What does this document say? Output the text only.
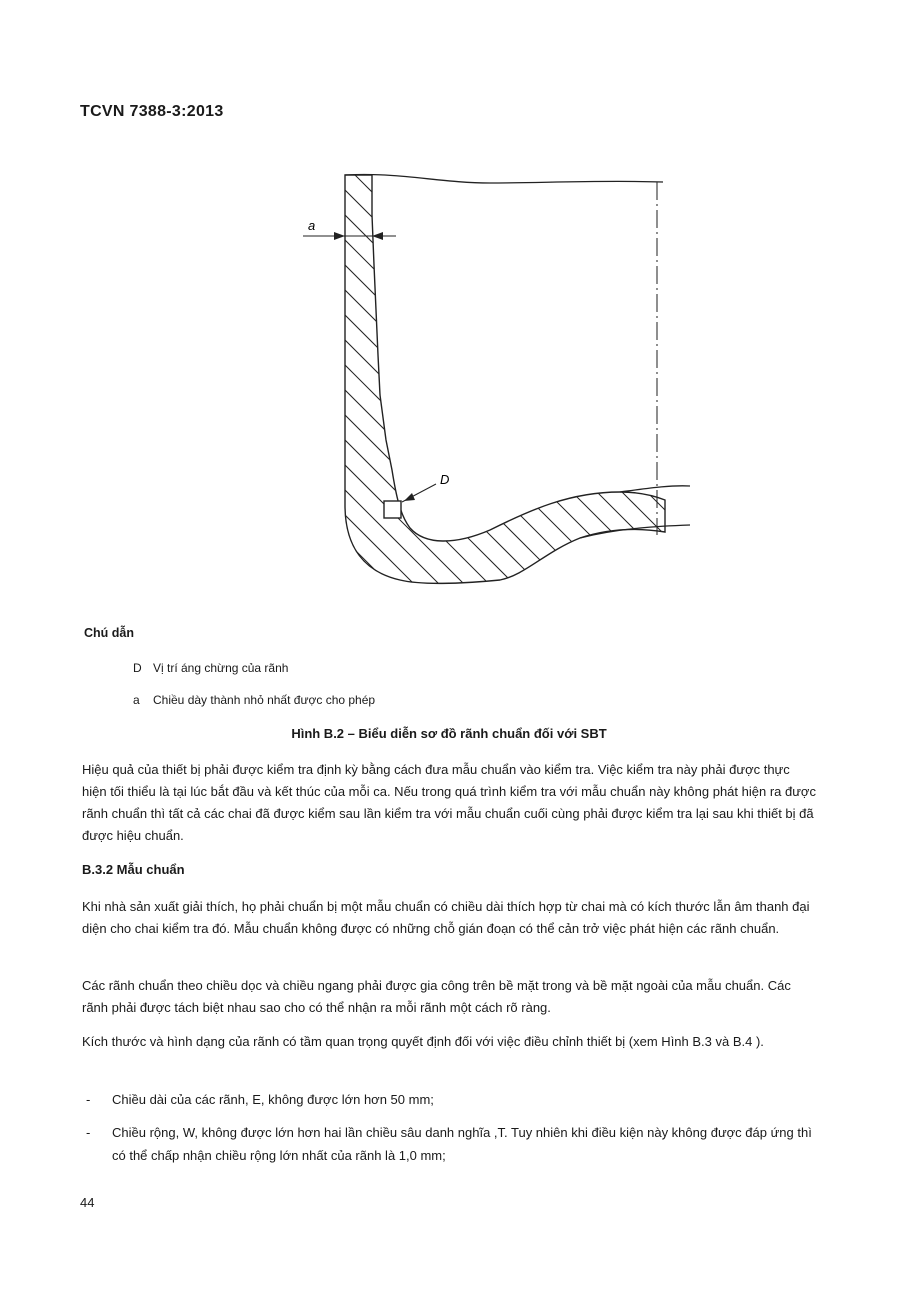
TCVN 7388-3:2013
a
D
Chú dẫn
D Vị trí áng chừng của rãnh
a Chiều dày thành nhỏ nhất được cho phép
Hình B.2 – Biểu diễn sơ đồ rãnh chuẩn đối với SBT

Hiệu quả của thiết bị phải được kiểm tra định kỳ bằng cách đưa mẫu chuẩn vào kiểm tra. Việc kiểm tra này phải được thực hiện tối thiểu là tại lúc bắt đầu và kết thúc của mỗi ca. Nếu trong quá trình kiểm tra với mẫu chuẩn này không phát hiện ra được rãnh chuẩn thì tất cả các chai đã được kiểm sau lần kiểm tra với mẫu chuẩn cuối cùng phải được kiểm tra lại sau khi thiết bị đã được hiệu chuẩn.

B.3.2 Mẫu chuẩn

Khi nhà sản xuất giải thích, họ phải chuẩn bị một mẫu chuẩn có chiều dài thích hợp từ chai mà có kích thước lẫn âm thanh đại diện cho chai kiểm tra đó. Mẫu chuẩn không được có những chỗ gián đoạn có thể cản trở việc phát hiện các rãnh chuẩn.

Các rãnh chuẩn theo chiều dọc và chiều ngang phải được gia công trên bề mặt trong và bề mặt ngoài của mẫu chuẩn. Các rãnh phải được tách biệt nhau sao cho có thể nhận ra mỗi rãnh một cách rõ ràng.

Kích thước và hình dạng của rãnh có tầm quan trọng quyết định đối với việc điều chỉnh thiết bị (xem Hình B.3 và B.4 ).

- Chiều dài của các rãnh, E, không được lớn hơn 50 mm;
- Chiều rộng, W, không được lớn hơn hai lần chiều sâu danh nghĩa ,T. Tuy nhiên khi điều kiện này không được đáp ứng thì có thể chấp nhận chiều rộng lớn nhất của rãnh là 1,0 mm;
44
